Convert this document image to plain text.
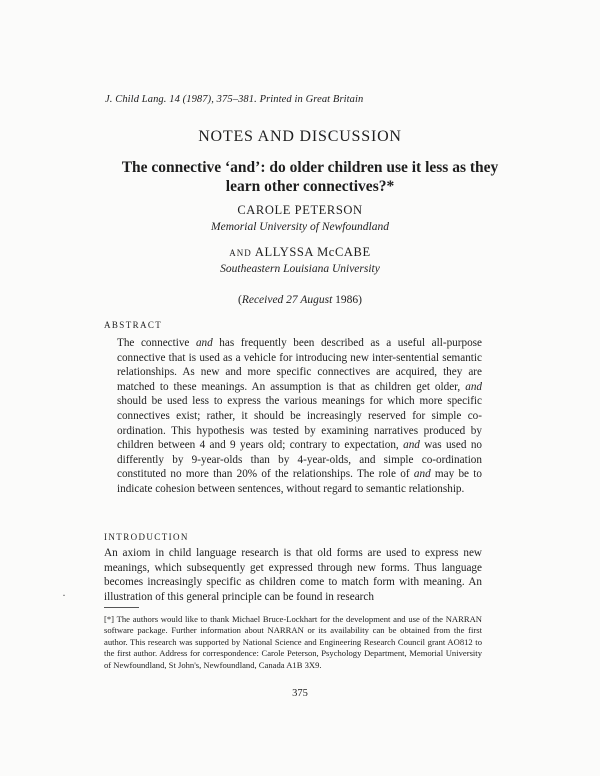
J. Child Lang. 14 (1987), 375–381. Printed in Great Britain
NOTES AND DISCUSSION
The connective ‘and’: do older children use it less as they learn other connectives?*
CAROLE PETERSON
Memorial University of Newfoundland
AND ALLYSSA McCABE
Southeastern Louisiana University
(Received 27 August 1986)
ABSTRACT
The connective and has frequently been described as a useful all-purpose connective that is used as a vehicle for introducing new inter-sentential semantic relationships. As new and more specific connectives are acquired, they are matched to these meanings. An assumption is that as children get older, and should be used less to express the various meanings for which more specific connectives exist; rather, it should be increasingly reserved for simple co-ordination. This hypothesis was tested by examining narratives produced by children between 4 and 9 years old; contrary to expectation, and was used no differently by 9-year-olds than by 4-year-olds, and simple co-ordination constituted no more than 20% of the relationships. The role of and may be to indicate cohesion between sentences, without regard to semantic relationship.
INTRODUCTION
An axiom in child language research is that old forms are used to express new meanings, which subsequently get expressed through new forms. Thus language becomes increasingly specific as children come to match form with meaning. An illustration of this general principle can be found in research
·
[*] The authors would like to thank Michael Bruce-Lockhart for the development and use of the NARRAN software package. Further information about NARRAN or its availability can be obtained from the first author. This research was supported by National Science and Engineering Research Council grant AO812 to the first author. Address for correspondence: Carole Peterson, Psychology Department, Memorial University of Newfoundland, St John's, Newfoundland, Canada A1B 3X9.
375
